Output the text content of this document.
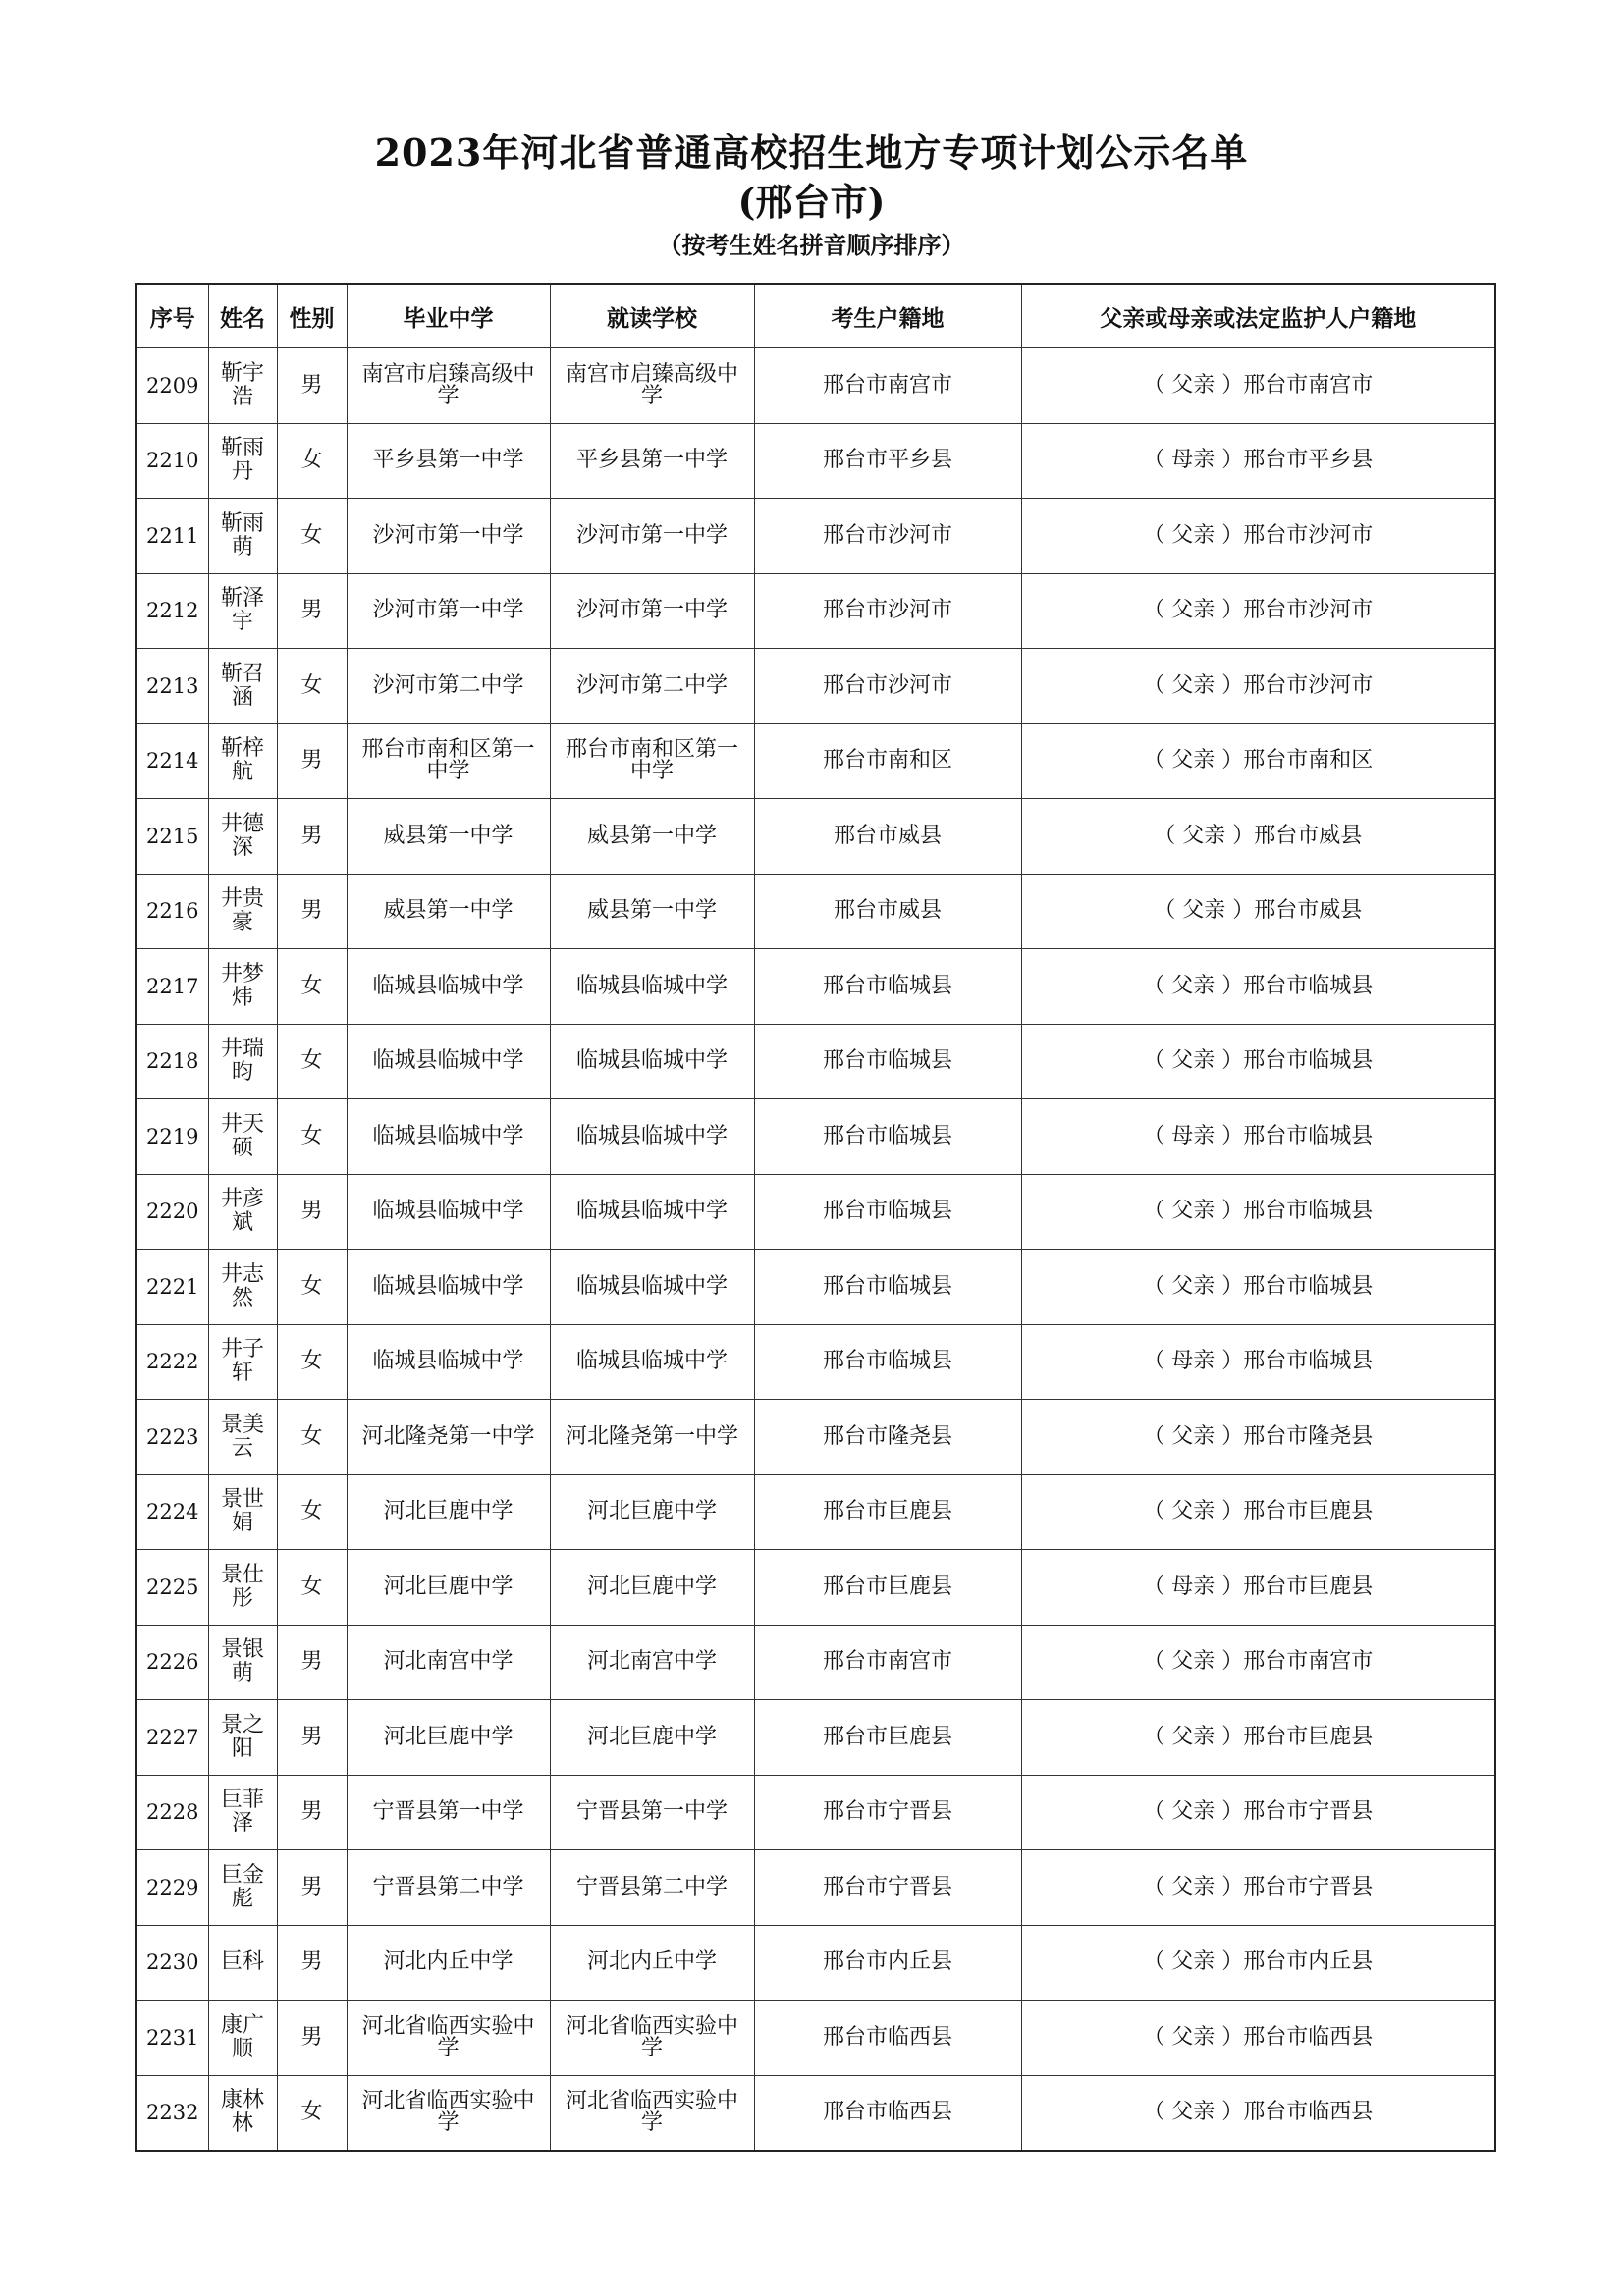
2023年河北省普通高校招生地方专项计划公示名单
(邢台市)
（按考生姓名拼音顺序排序）
序号	姓名	性别	毕业中学	就读学校	考生户籍地	父亲或母亲或法定监护人户籍地
2209	靳宇浩	男	南宫市启臻高级中学	南宫市启臻高级中学	邢台市南宫市	（ 父亲 ）邢台市南宫市
2210	靳雨丹	女	平乡县第一中学	平乡县第一中学	邢台市平乡县	（ 母亲 ）邢台市平乡县
2211	靳雨萌	女	沙河市第一中学	沙河市第一中学	邢台市沙河市	（ 父亲 ）邢台市沙河市
2212	靳泽宇	男	沙河市第一中学	沙河市第一中学	邢台市沙河市	（ 父亲 ）邢台市沙河市
2213	靳召涵	女	沙河市第二中学	沙河市第二中学	邢台市沙河市	（ 父亲 ）邢台市沙河市
2214	靳梓航	男	邢台市南和区第一中学	邢台市南和区第一中学	邢台市南和区	（ 父亲 ）邢台市南和区
2215	井德深	男	威县第一中学	威县第一中学	邢台市威县	（ 父亲 ）邢台市威县
2216	井贵豪	男	威县第一中学	威县第一中学	邢台市威县	（ 父亲 ）邢台市威县
2217	井梦炜	女	临城县临城中学	临城县临城中学	邢台市临城县	（ 父亲 ）邢台市临城县
2218	井瑞昀	女	临城县临城中学	临城县临城中学	邢台市临城县	（ 父亲 ）邢台市临城县
2219	井天硕	女	临城县临城中学	临城县临城中学	邢台市临城县	（ 母亲 ）邢台市临城县
2220	井彦斌	男	临城县临城中学	临城县临城中学	邢台市临城县	（ 父亲 ）邢台市临城县
2221	井志然	女	临城县临城中学	临城县临城中学	邢台市临城县	（ 父亲 ）邢台市临城县
2222	井子轩	女	临城县临城中学	临城县临城中学	邢台市临城县	（ 母亲 ）邢台市临城县
2223	景美云	女	河北隆尧第一中学	河北隆尧第一中学	邢台市隆尧县	（ 父亲 ）邢台市隆尧县
2224	景世娟	女	河北巨鹿中学	河北巨鹿中学	邢台市巨鹿县	（ 父亲 ）邢台市巨鹿县
2225	景仕彤	女	河北巨鹿中学	河北巨鹿中学	邢台市巨鹿县	（ 母亲 ）邢台市巨鹿县
2226	景银萌	男	河北南宫中学	河北南宫中学	邢台市南宫市	（ 父亲 ）邢台市南宫市
2227	景之阳	男	河北巨鹿中学	河北巨鹿中学	邢台市巨鹿县	（ 父亲 ）邢台市巨鹿县
2228	巨菲泽	男	宁晋县第一中学	宁晋县第一中学	邢台市宁晋县	（ 父亲 ）邢台市宁晋县
2229	巨金彪	男	宁晋县第二中学	宁晋县第二中学	邢台市宁晋县	（ 父亲 ）邢台市宁晋县
2230	巨科	男	河北内丘中学	河北内丘中学	邢台市内丘县	（ 父亲 ）邢台市内丘县
2231	康广顺	男	河北省临西实验中学	河北省临西实验中学	邢台市临西县	（ 父亲 ）邢台市临西县
2232	康林林	女	河北省临西实验中学	河北省临西实验中学	邢台市临西县	（ 父亲 ）邢台市临西县
